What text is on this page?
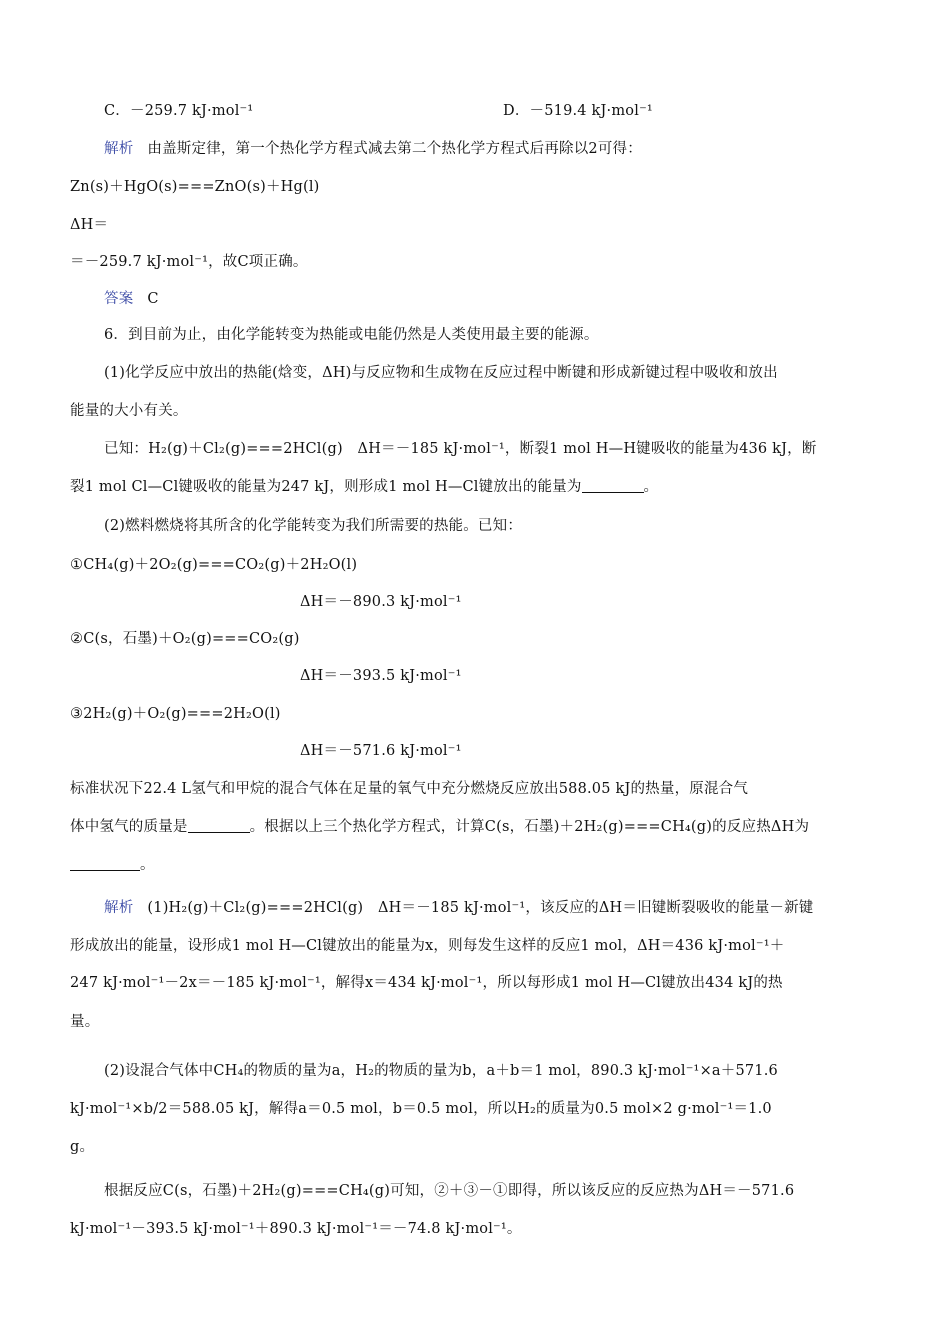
C．－259.7 kJ·mol⁻¹	D．－519.4 kJ·mol⁻¹
解析 由盖斯定律，第一个热化学方程式减去第二个热化学方程式后再除以2可得：
Zn(s)＋HgO(s)===ZnO(s)＋Hg(l)
ΔH＝
＝－259.7 kJ·mol⁻¹，故C项正确。
答案 C
6．到目前为止，由化学能转变为热能或电能仍然是人类使用最主要的能源。
(1)化学反应中放出的热能(焓变，ΔH)与反应物和生成物在反应过程中断键和形成新键过程中吸收和放出
能量的大小有关。
已知：H₂(g)＋Cl₂(g)===2HCl(g)　ΔH＝－185 kJ·mol⁻¹，断裂1 mol H—H键吸收的能量为436 kJ，断
裂1 mol Cl—Cl键吸收的能量为247 kJ，则形成1 mol H—Cl键放出的能量为	。
(2)燃料燃烧将其所含的化学能转变为我们所需要的热能。已知：
①CH₄(g)＋2O₂(g)===CO₂(g)＋2H₂O(l)
ΔH＝－890.3 kJ·mol⁻¹
②C(s，石墨)＋O₂(g)===CO₂(g)
ΔH＝－393.5 kJ·mol⁻¹
③2H₂(g)＋O₂(g)===2H₂O(l)
ΔH＝－571.6 kJ·mol⁻¹
标准状况下22.4 L氢气和甲烷的混合气体在足量的氧气中充分燃烧反应放出588.05 kJ的热量，原混合气
体中氢气的质量是	。根据以上三个热化学方程式，计算C(s，石墨)＋2H₂(g)===CH₄(g)的反应热ΔH为
。
解析 (1)H₂(g)＋Cl₂(g)===2HCl(g)　ΔH＝－185 kJ·mol⁻¹，该反应的ΔH＝旧键断裂吸收的能量－新键
形成放出的能量，设形成1 mol H—Cl键放出的能量为x，则每发生这样的反应1 mol，ΔH＝436 kJ·mol⁻¹＋
247 kJ·mol⁻¹－2x＝－185 kJ·mol⁻¹，解得x＝434 kJ·mol⁻¹，所以每形成1 mol H—Cl键放出434 kJ的热
量。
(2)设混合气体中CH₄的物质的量为a，H₂的物质的量为b，a＋b＝1 mol，890.3 kJ·mol⁻¹×a＋571.6
kJ·mol⁻¹×b/2＝588.05 kJ，解得a＝0.5 mol，b＝0.5 mol，所以H₂的质量为0.5 mol×2 g·mol⁻¹＝1.0
g。
根据反应C(s，石墨)＋2H₂(g)===CH₄(g)可知，②＋③－①即得，所以该反应的反应热为ΔH＝－571.6
kJ·mol⁻¹－393.5 kJ·mol⁻¹＋890.3 kJ·mol⁻¹＝－74.8 kJ·mol⁻¹。
